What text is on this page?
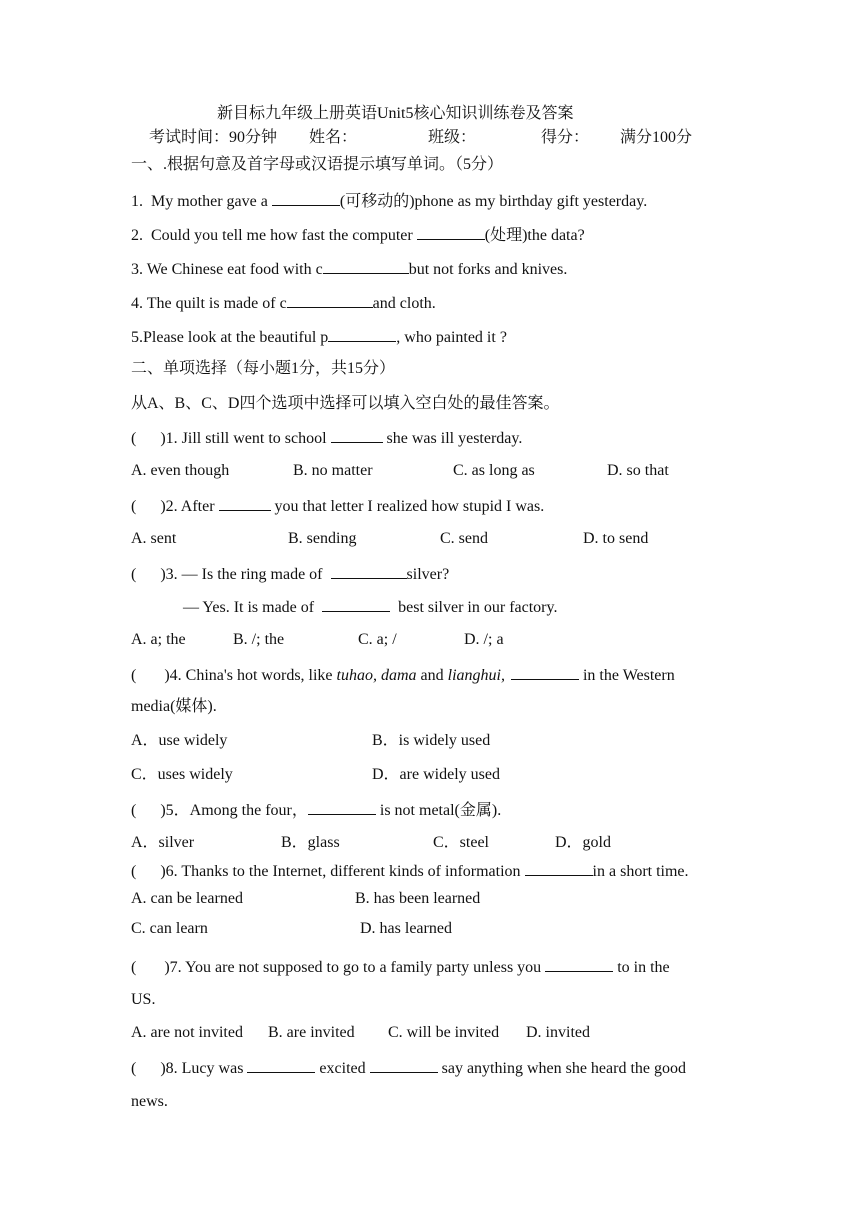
新目标九年级上册英语Unit5核心知识训练卷及答案
考试时间：90分钟 姓名：	班级：	得分： 满分100分
一、.根据句意及首字母或汉语提示填写单词。（5分）
1.  My mother gave a	(可移动的)phone as my birthday gift yesterday.
2.  Could you tell me how fast the computer	(处理)the data?
3. We Chinese eat food with c	but not forks and knives.
4. The quilt is made of c	and cloth.
5.Please look at the beautiful p	, who painted it ?
二、单项选择（每小题1分，共15分）
从A、B、C、D四个选项中选择可以填入空白处的最佳答案。
(      )1. Jill still went to school	she was ill yesterday.
A. even though	B. no matter	C. as long as	D. so that
(      )2. After	you that letter I realized how stupid I was.
A. sent	B. sending	C. send	D. to send
(      )3. — Is the ring made of	silver?
— Yes. It is made of	best silver in our factory.
A. a; the	B. /; the	C. a; /	D. /; a
(       )4. China's hot words, like tuhao, dama and lianghui,	in the Western
media(媒体).
A．use widely	B．is widely used
C．uses widely	D．are widely used
(      )5．Among the four，	is not metal(金属).
A．silver	B．glass	C．steel	D．gold
(      )6. Thanks to the Internet, different kinds of information	in a short time.
A. can be learned	B. has been learned
C. can learn	D. has learned
(       )7. You are not supposed to go to a family party unless you	to in the
US.
A. are not invited B. are invited C. will be invited D. invited
(      )8. Lucy was	excited	say anything when she heard the good
news.
